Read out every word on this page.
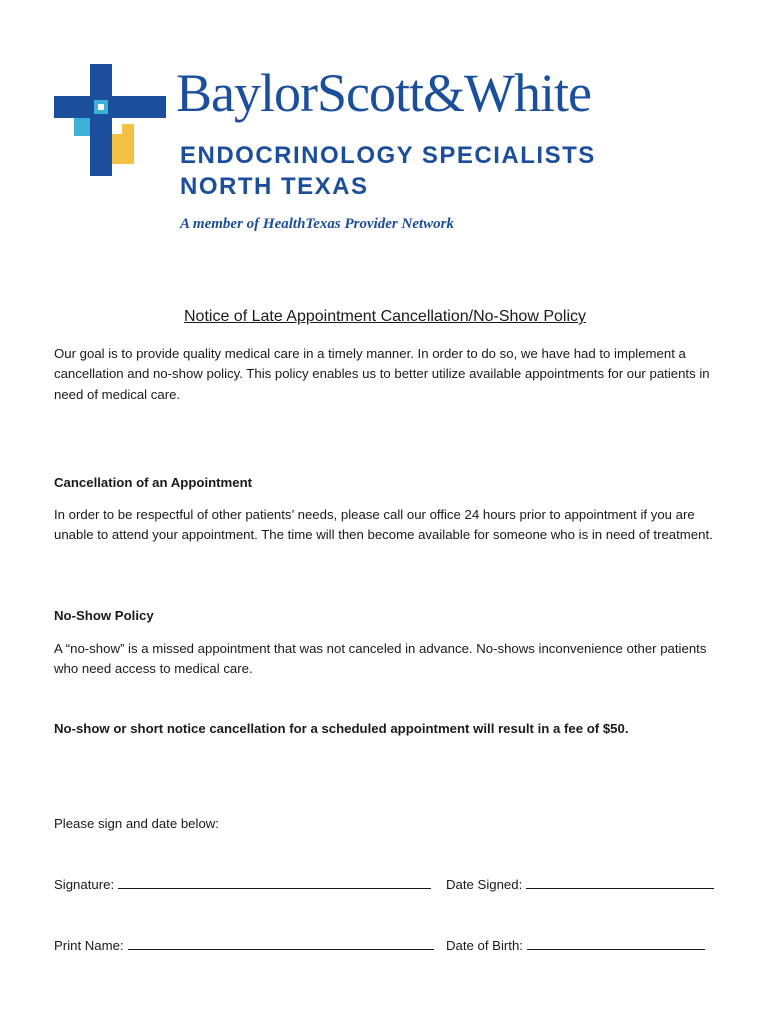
BaylorScott&White
ENDOCRINOLOGY SPECIALISTS
NORTH TEXAS
A member of HealthTexas Provider Network
Notice of Late Appointment Cancellation/No-Show Policy
Our goal is to provide quality medical care in a timely manner. In order to do so, we have had to implement a cancellation and no-show policy. This policy enables us to better utilize available appointments for our patients in need of medical care.
Cancellation of an Appointment
In order to be respectful of other patients’ needs, please call our office 24 hours prior to appointment if you are unable to attend your appointment. The time will then become available for someone who is in need of treatment.
No-Show Policy
A “no-show” is a missed appointment that was not canceled in advance. No-shows inconvenience other patients who need access to medical care.
No-show or short notice cancellation for a scheduled appointment will result in a fee of $50.
Please sign and date below:
Signature:	Date Signed:
Print Name:	Date of Birth:
